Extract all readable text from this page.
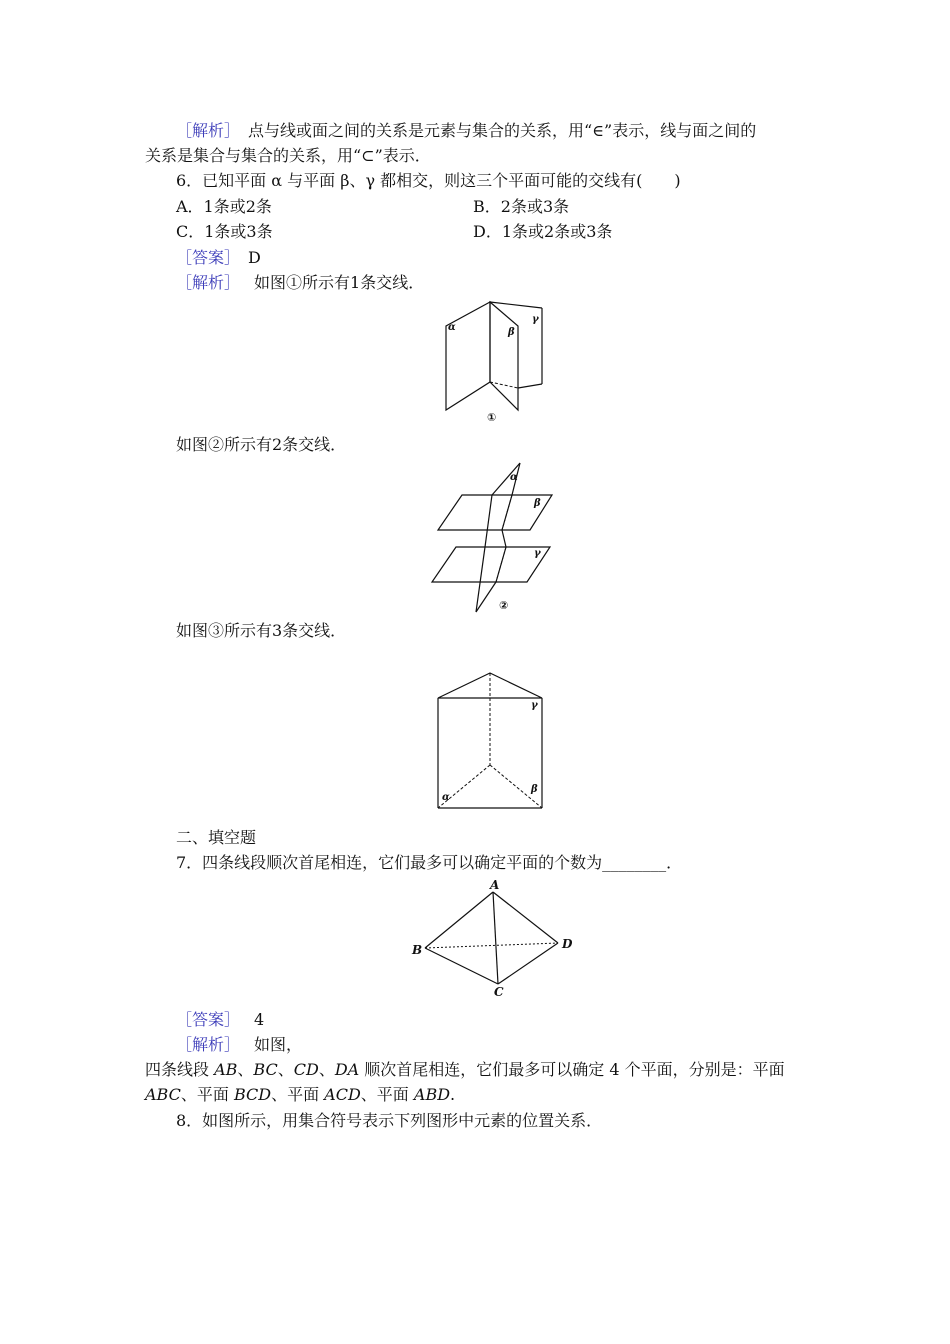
［解析］　点与线或面之间的关系是元素与集合的关系，用“∈”表示，线与面之间的
关系是集合与集合的关系，用“⊂”表示．
6．已知平面 α 与平面 β、γ 都相交，则这三个平面可能的交线有(　　)
A．1条或2条	B．2条或3条
C．1条或3条	D．1条或2条或3条
［答案］ D
［解析］ 如图①所示有1条交线．
α	β
γ
①
如图②所示有2条交线．
α
β
γ
②
如图③所示有3条交线．
α
β
γ
二、填空题
7．四条线段顺次首尾相连，它们最多可以确定平面的个数为________．
A
B
C
D
［答案］ 4
［解析］ 如图，
四条线段 AB、BC、CD、DA 顺次首尾相连，它们最多可以确定 4 个平面，分别是：平面
ABC、平面 BCD、平面 ACD、平面 ABD.
8．如图所示，用集合符号表示下列图形中元素的位置关系．
